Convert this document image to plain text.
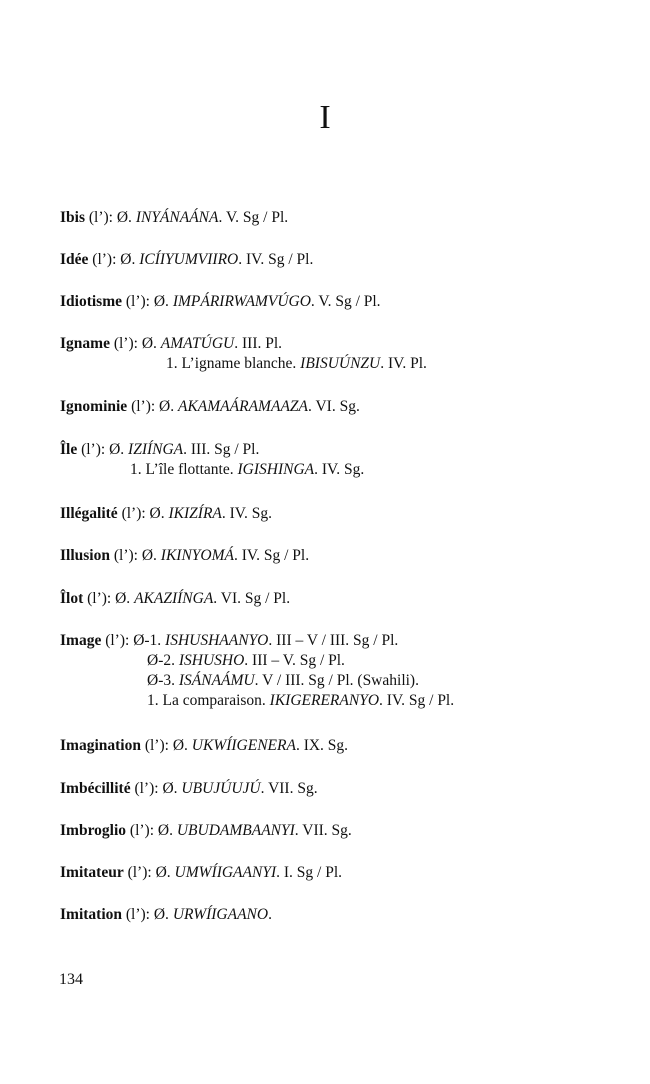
I
Ibis (l’): Ø. INYÁNAÁNA. V. Sg / Pl.
Idée (l’): Ø. ICÍIYUMVIIRO. IV. Sg / Pl.
Idiotisme (l’): Ø. IMPÁRIRWAMVÚGO. V. Sg / Pl.
Igname (l’): Ø. AMATÚGU. III. Pl.
1. L’igname blanche. IBISUÚNZU. IV. Pl.
Ignominie (l’): Ø. AKAMAÁRAMAAZA. VI. Sg.
Île (l’): Ø. IZIÍNGA. III. Sg / Pl.
1. L’île flottante. IGISHINGA. IV. Sg.
Illégalité (l’): Ø. IKIZÍRA. IV. Sg.
Illusion (l’): Ø. IKINYOMÁ. IV. Sg / Pl.
Îlot (l’): Ø. AKAZIÍNGA. VI. Sg / Pl.
Image (l’): Ø-1. ISHUSHAANYO. III – V / III. Sg / Pl.
Ø-2. ISHUSHO. III – V. Sg / Pl.
Ø-3. ISÁNAÁMU. V / III. Sg / Pl. (Swahili).
1. La comparaison. IKIGERERANYO. IV. Sg / Pl.
Imagination (l’): Ø. UKWÍIGENERA. IX. Sg.
Imbécillité (l’): Ø. UBUJÚUJÚ. VII. Sg.
Imbroglio (l’): Ø. UBUDAMBAANYI. VII. Sg.
Imitateur (l’): Ø. UMWÍIGAANYI. I. Sg / Pl.
Imitation (l’): Ø. URWÍIGAANO.
134
